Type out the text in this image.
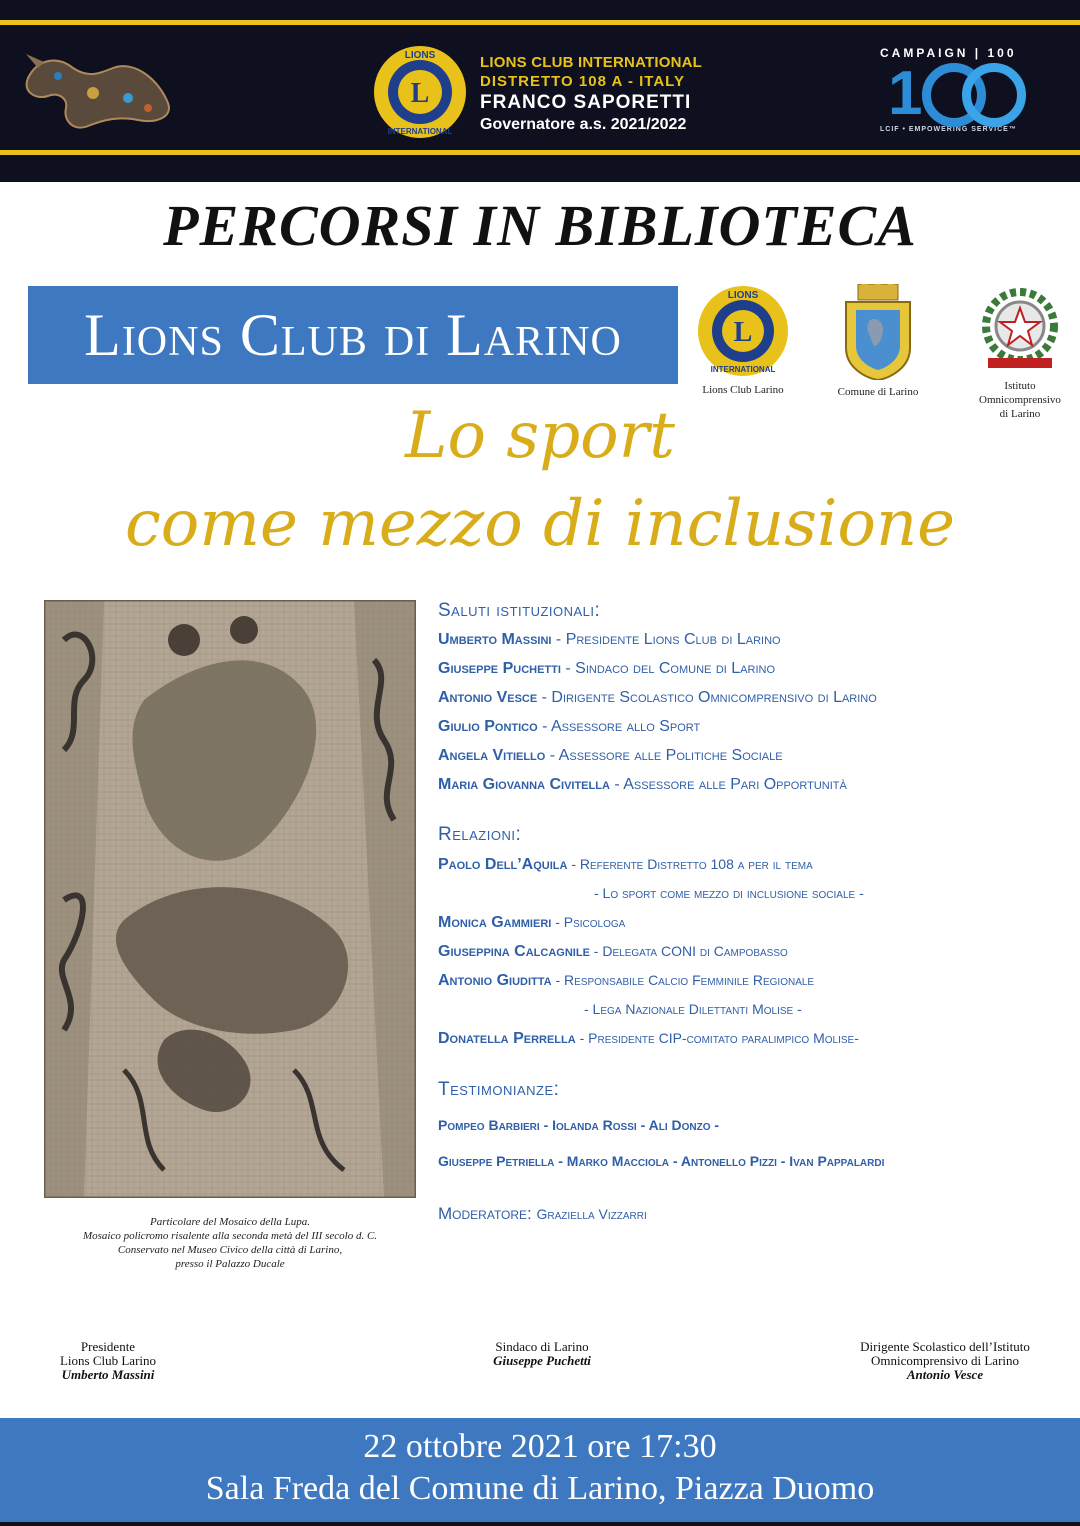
L
LIONS
INTERNATIONAL
LIONS CLUB INTERNATIONAL
DISTRETTO 108 A - ITALY
FRANCO SAPORETTI
Governatore a.s. 2021/2022
CAMPAIGN | 100
1
LCIF • EMPOWERING SERVICE™
PERCORSI IN BIBLIOTECA
Lions Club di Larino	L
LIONS
INTERNATIONAL
Lions Club Larino	Comune di Larino	Istituto
Omnicomprensivo
di Larino
Lo sport
come mezzo di inclusione
Particolare del Mosaico della Lupa.
Mosaico policromo risalente alla seconda metà del III secolo d. C.
Conservato nel Museo Civico della città di Larino,
presso il Palazzo Ducale
Saluti istituzionali:
Umberto Massini - Presidente Lions Club di Larino
Giuseppe Puchetti - Sindaco del Comune di Larino
Antonio Vesce - Dirigente Scolastico Omnicomprensivo di Larino
Giulio Pontico - Assessore allo Sport
Angela Vitiello - Assessore alle Politiche Sociale
Maria Giovanna Civitella - Assessore alle Pari Opportunità
Relazioni:
Paolo Dell’Aquila - Referente Distretto 108 a per il tema
- Lo sport come mezzo di inclusione sociale -
Monica Gammieri - Psicologa
Giuseppina Calcagnile - Delegata CONI di Campobasso
Antonio Giuditta - Responsabile Calcio Femminile Regionale
- Lega Nazionale Dilettanti Molise -
Donatella Perrella - Presidente CIP-comitato paralimpico Molise-
Testimonianze:
Pompeo Barbieri - Iolanda Rossi - Ali Donzo -
Giuseppe Petriella - Marko Macciola - Antonello Pizzi - Ivan Pappalardi
Moderatore: Graziella Vizzarri
Presidente
Lions Club Larino
Umberto Massini
Sindaco di Larino
Giuseppe Puchetti
Dirigente Scolastico dell’Istituto
Omnicomprensivo di Larino
Antonio Vesce
22 ottobre 2021 ore 17:30
Sala Freda del Comune di Larino, Piazza Duomo
